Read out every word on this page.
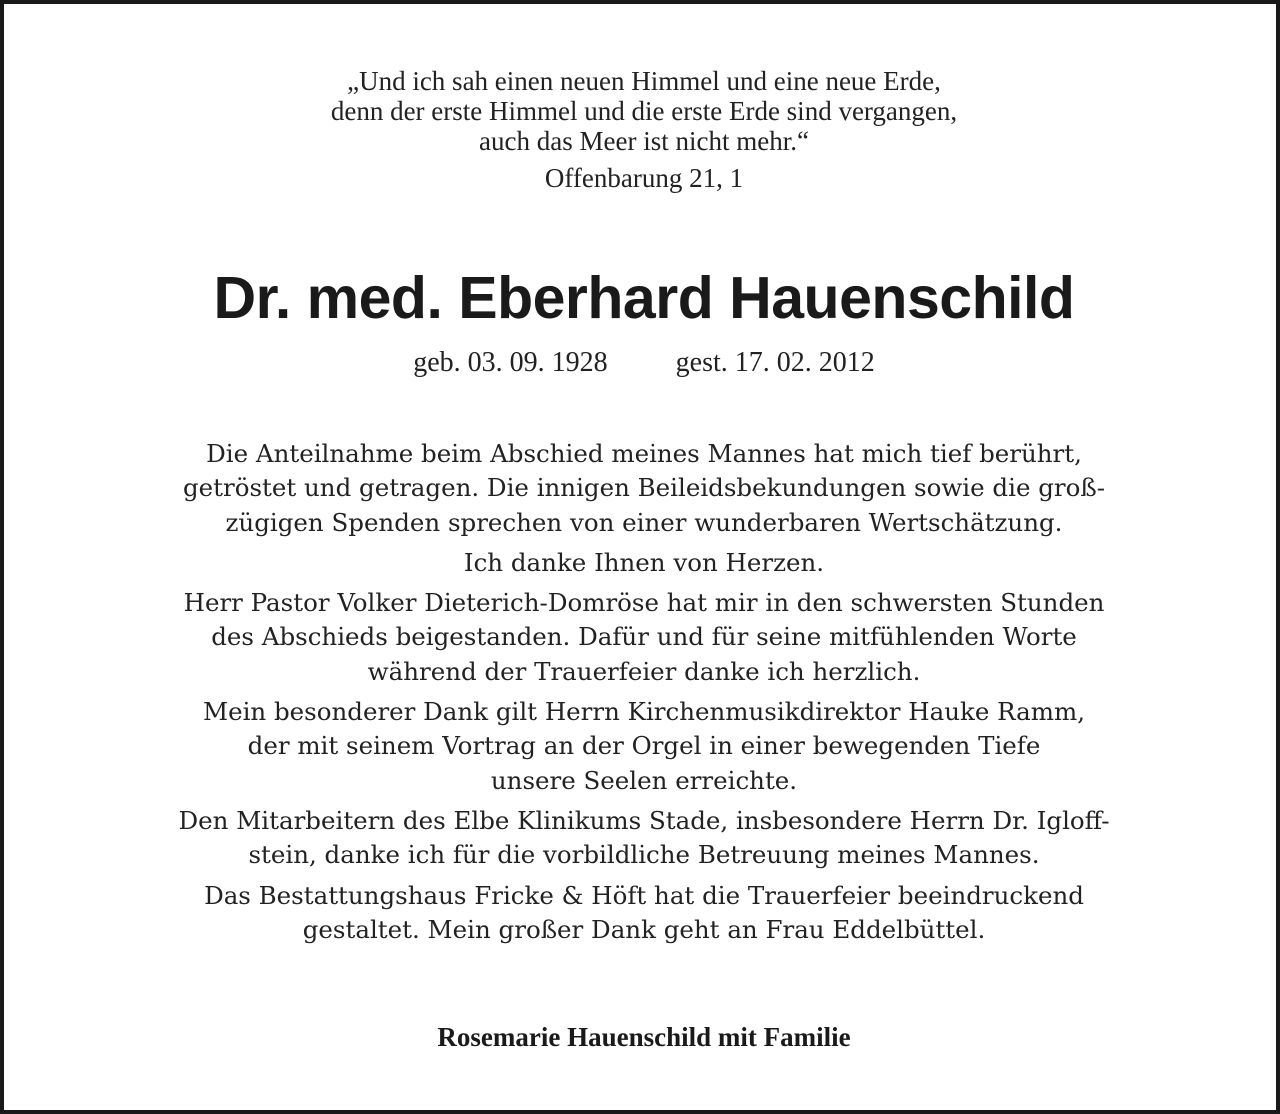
„Und ich sah einen neuen Himmel und eine neue Erde,
denn der erste Himmel und die erste Erde sind vergangen,
auch das Meer ist nicht mehr.“
Offenbarung 21, 1
Dr. med. Eberhard Hauenschild
geb. 03. 09. 1928 gest. 17. 02. 2012
Die Anteilnahme beim Abschied meines Mannes hat mich tief berührt,
getröstet und getragen. Die innigen Beileidsbekundungen sowie die groß-
zügigen Spenden sprechen von einer wunderbaren Wertschätzung.
Ich danke Ihnen von Herzen.
Herr Pastor Volker Dieterich-Domröse hat mir in den schwersten Stunden
des Abschieds beigestanden. Dafür und für seine mitfühlenden Worte
während der Trauerfeier danke ich herzlich.
Mein besonderer Dank gilt Herrn Kirchenmusikdirektor Hauke Ramm,
der mit seinem Vortrag an der Orgel in einer bewegenden Tiefe
unsere Seelen erreichte.
Den Mitarbeitern des Elbe Klinikums Stade, insbesondere Herrn Dr. Igloff-
stein, danke ich für die vorbildliche Betreuung meines Mannes.
Das Bestattungshaus Fricke & Höft hat die Trauerfeier beeindruckend
gestaltet. Mein großer Dank geht an Frau Eddelbüttel.
Rosemarie Hauenschild mit Familie
